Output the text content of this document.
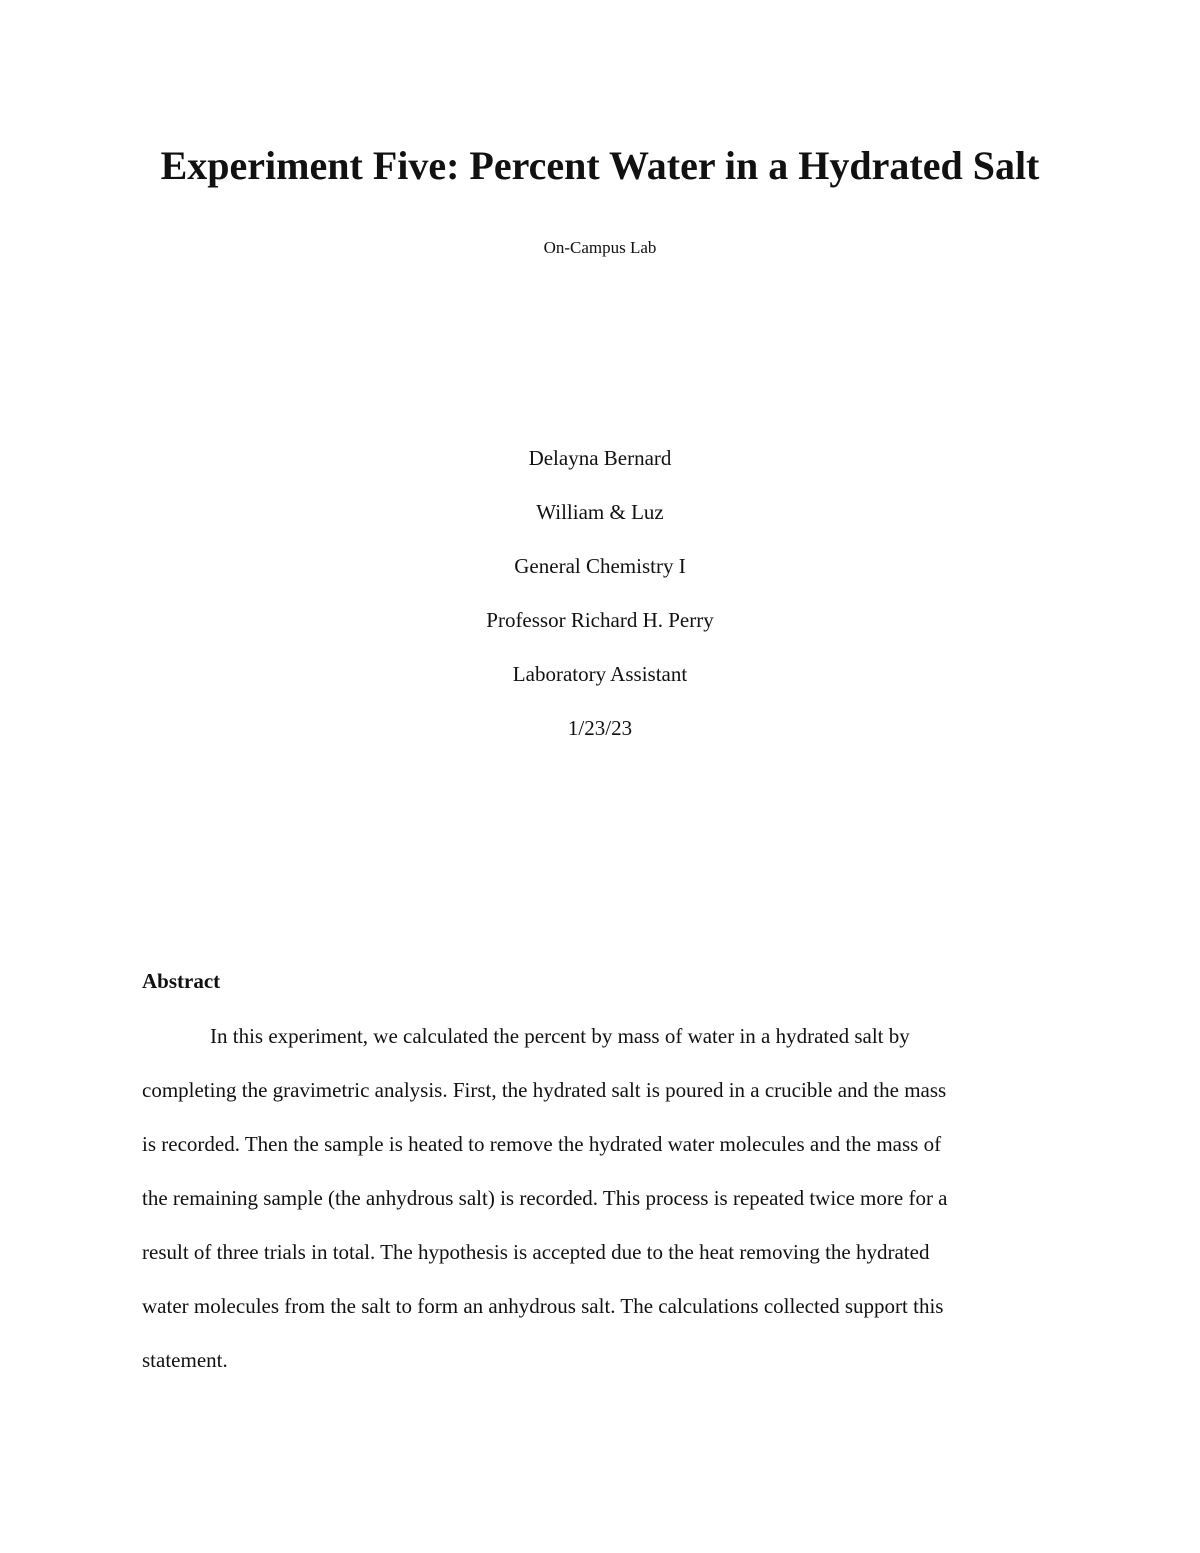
Experiment Five: Percent Water in a Hydrated Salt

On-Campus Lab

Delayna Bernard
William & Luz
General Chemistry I
Professor Richard H. Perry
Laboratory Assistant
1/23/23
Abstract
In this experiment, we calculated the percent by mass of water in a hydrated salt by
completing the gravimetric analysis. First, the hydrated salt is poured in a crucible and the mass
is recorded. Then the sample is heated to remove the hydrated water molecules and the mass of
the remaining sample (the anhydrous salt) is recorded. This process is repeated twice more for a
result of three trials in total. The hypothesis is accepted due to the heat removing the hydrated
water molecules from the salt to form an anhydrous salt. The calculations collected support this
statement.
